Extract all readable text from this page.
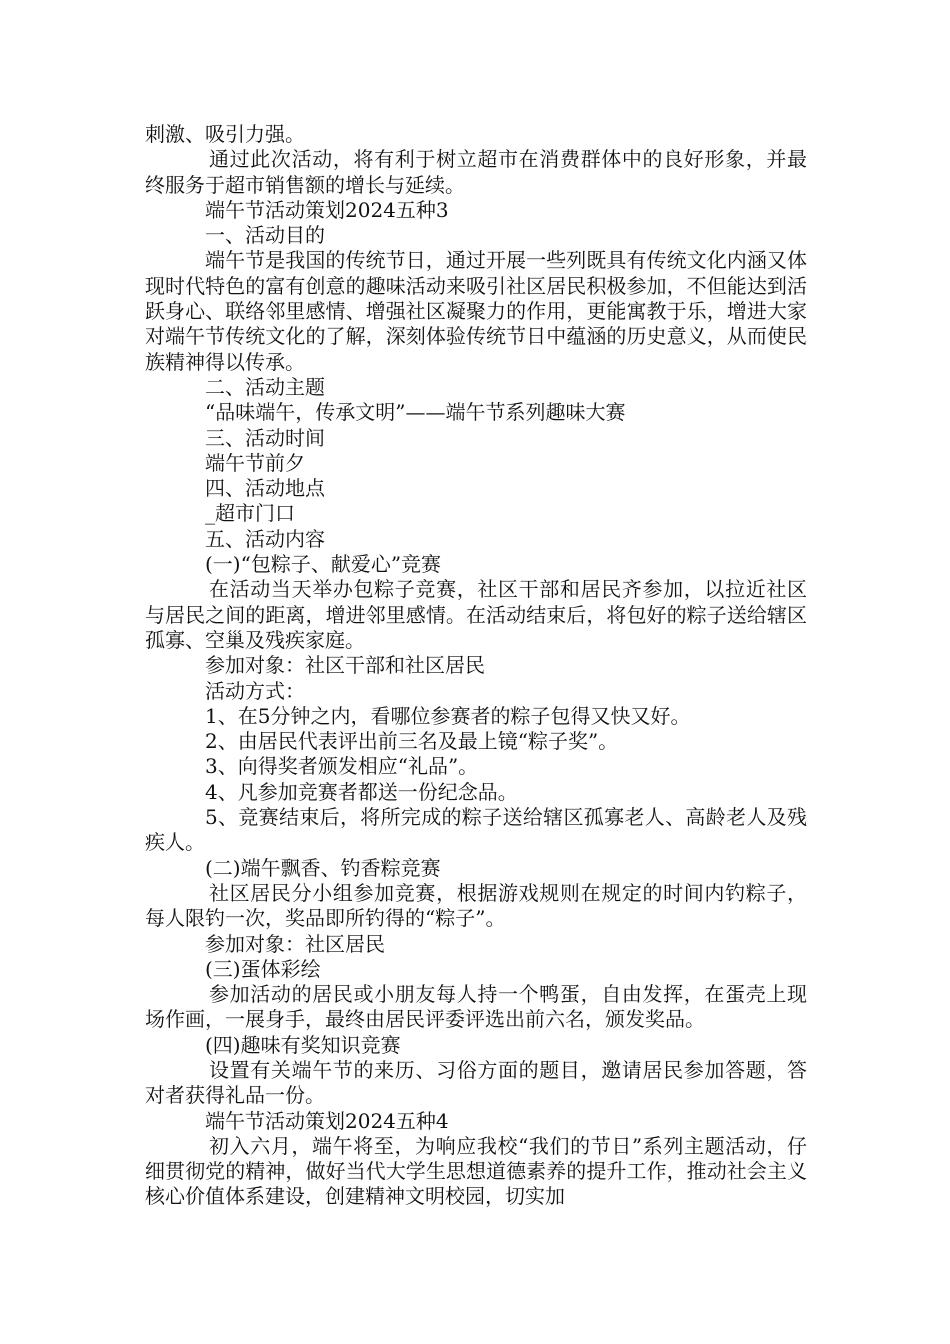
刺激、吸引力强。

通过此次活动，将有利于树立超市在消费群体中的良好形象，并最终服务于超市销售额的增长与延续。

端午节活动策划2024五种3

一、活动目的

端午节是我国的传统节日，通过开展一些列既具有传统文化内涵又体现时代特色的富有创意的趣味活动来吸引社区居民积极参加，不但能达到活跃身心、联络邻里感情、增强社区凝聚力的作用，更能寓教于乐，增进大家对端午节传统文化的了解，深刻体验传统节日中蕴涵的历史意义，从而使民族精神得以传承。

二、活动主题

“品味端午，传承文明”——端午节系列趣味大赛

三、活动时间

端午节前夕

四、活动地点

_超市门口

五、活动内容

(一)“包粽子、献爱心”竞赛

在活动当天举办包粽子竞赛，社区干部和居民齐参加，以拉近社区与居民之间的距离，增进邻里感情。在活动结束后，将包好的粽子送给辖区孤寡、空巢及残疾家庭。

参加对象：社区干部和社区居民

活动方式：

1、在5分钟之内，看哪位参赛者的粽子包得又快又好。

2、由居民代表评出前三名及最上镜“粽子奖”。

3、向得奖者颁发相应“礼品”。

4、凡参加竞赛者都送一份纪念品。

5、竞赛结束后，将所完成的粽子送给辖区孤寡老人、高龄老人及残疾人。

(二)端午飘香、钓香粽竞赛

社区居民分小组参加竞赛，根据游戏规则在规定的时间内钓粽子，每人限钓一次，奖品即所钓得的“粽子”。

参加对象：社区居民

(三)蛋体彩绘

参加活动的居民或小朋友每人持一个鸭蛋，自由发挥，在蛋壳上现场作画，一展身手，最终由居民评委评选出前六名，颁发奖品。

(四)趣味有奖知识竞赛

设置有关端午节的来历、习俗方面的题目，邀请居民参加答题，答对者获得礼品一份。

端午节活动策划2024五种4

初入六月，端午将至，为响应我校“我们的节日”系列主题活动，仔细贯彻党的精神，做好当代大学生思想道德素养的提升工作，推动社会主义核心价值体系建设，创建精神文明校园，切实加
